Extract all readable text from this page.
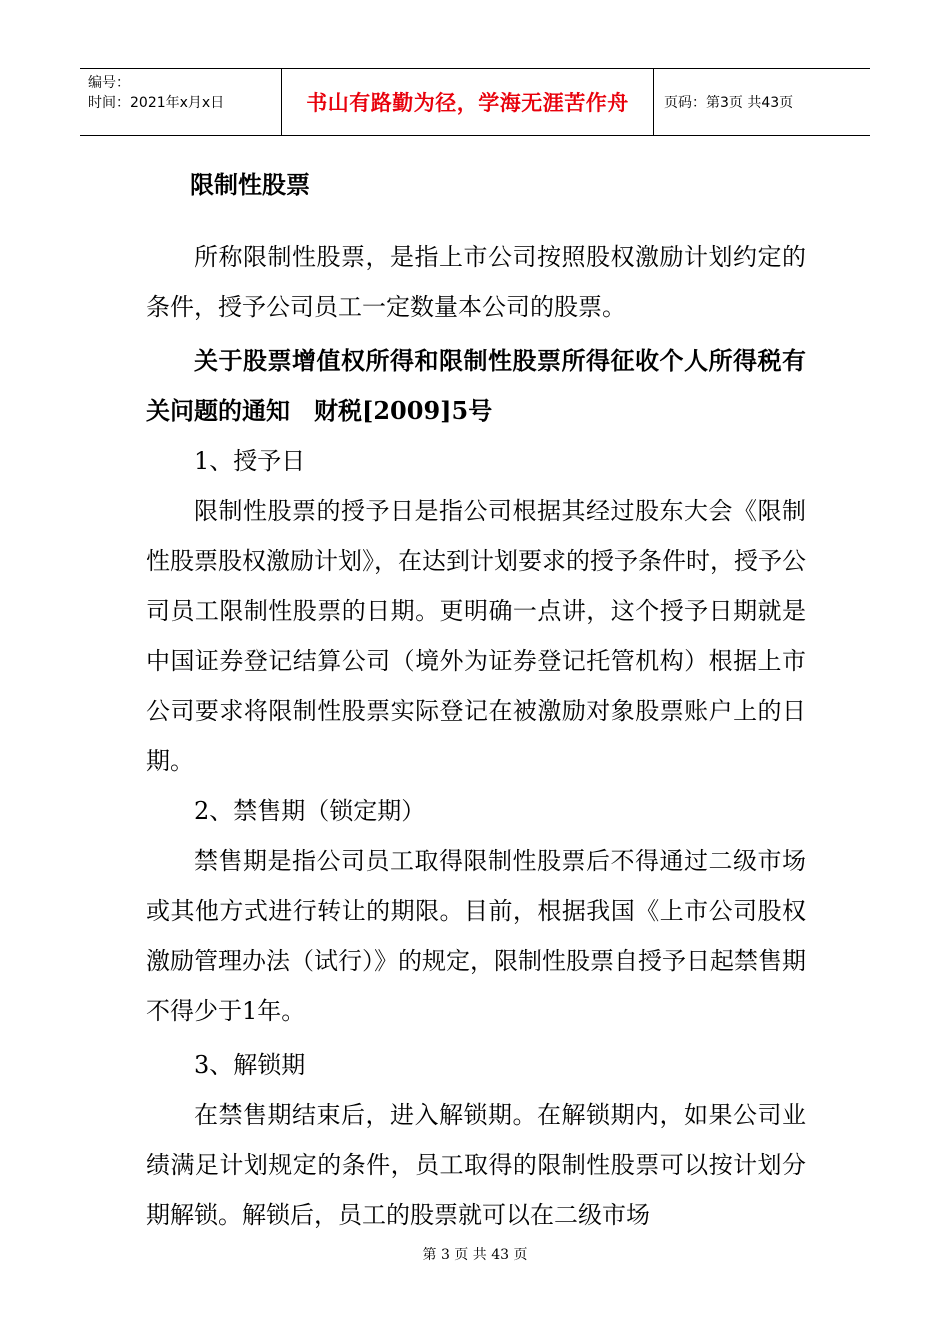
编号：
时间：2021年x月x日	书山有路勤为径，学海无涯苦作舟	页码：第3页 共43页

限制性股票

所称限制性股票，是指上市公司按照股权激励计划约定的条件，授予公司员工一定数量本公司的股票。

关于股票增值权所得和限制性股票所得征收个人所得税有关问题的通知　财税[2009]5号

1、授予日

限制性股票的授予日是指公司根据其经过股东大会《限制性股票股权激励计划》，在达到计划要求的授予条件时，授予公司员工限制性股票的日期。更明确一点讲，这个授予日期就是中国证券登记结算公司（境外为证券登记托管机构）根据上市公司要求将限制性股票实际登记在被激励对象股票账户上的日期。

2、禁售期（锁定期）

禁售期是指公司员工取得限制性股票后不得通过二级市场或其他方式进行转让的期限。目前，根据我国《上市公司股权激励管理办法（试行）》的规定，限制性股票自授予日起禁售期不得少于1年。

3、解锁期

在禁售期结束后，进入解锁期。在解锁期内，如果公司业绩满足计划规定的条件，员工取得的限制性股票可以按计划分期解锁。解锁后，员工的股票就可以在二级市场

第 3 页 共 43 页
